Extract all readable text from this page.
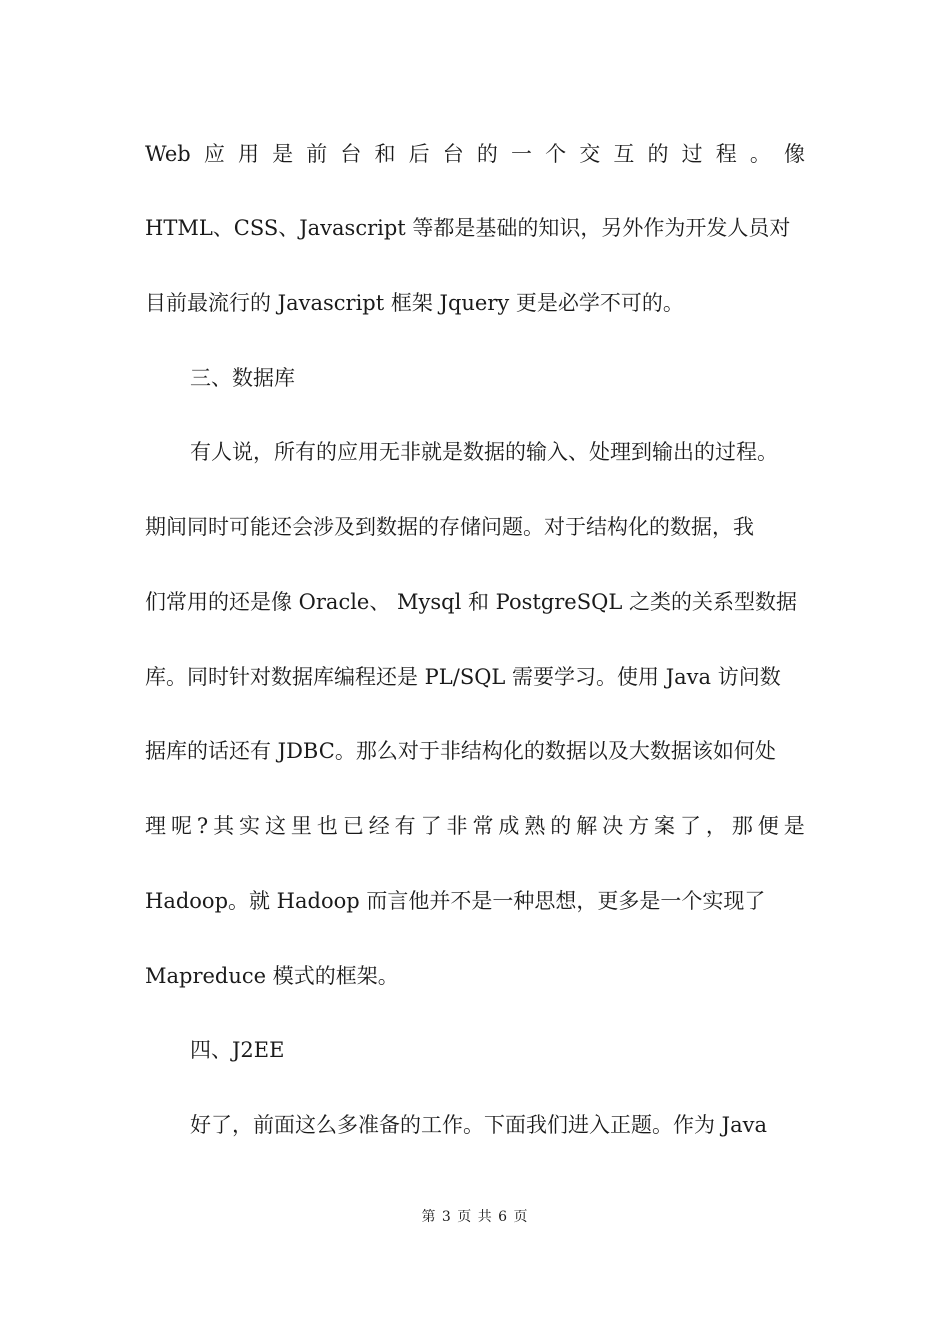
Web 应 用 是 前 台 和 后 台 的 一 个 交 互 的 过 程 。 像
HTML、CSS、Javascript 等都是基础的知识，另外作为开发人员对
目前最流行的 Javascript 框架 Jquery 更是必学不可的。
三、数据库
有人说，所有的应用无非就是数据的输入、处理到输出的过程。
期间同时可能还会涉及到数据的存储问题。对于结构化的数据，我
们常用的还是像 Oracle、 Mysql 和 PostgreSQL 之类的关系型数据
库。同时针对数据库编程还是 PL/SQL 需要学习。使用 Java 访问数
据库的话还有 JDBC。那么对于非结构化的数据以及大数据该如何处
理 呢 ? 其 实 这 里 也 已 经 有 了 非 常 成 熟 的 解 决 方 案 了 ， 那 便 是
Hadoop。就 Hadoop 而言他并不是一种思想，更多是一个实现了
Mapreduce 模式的框架。
四、J2EE
好了，前面这么多准备的工作。下面我们进入正题。作为 Java
第 3 页 共 6 页
